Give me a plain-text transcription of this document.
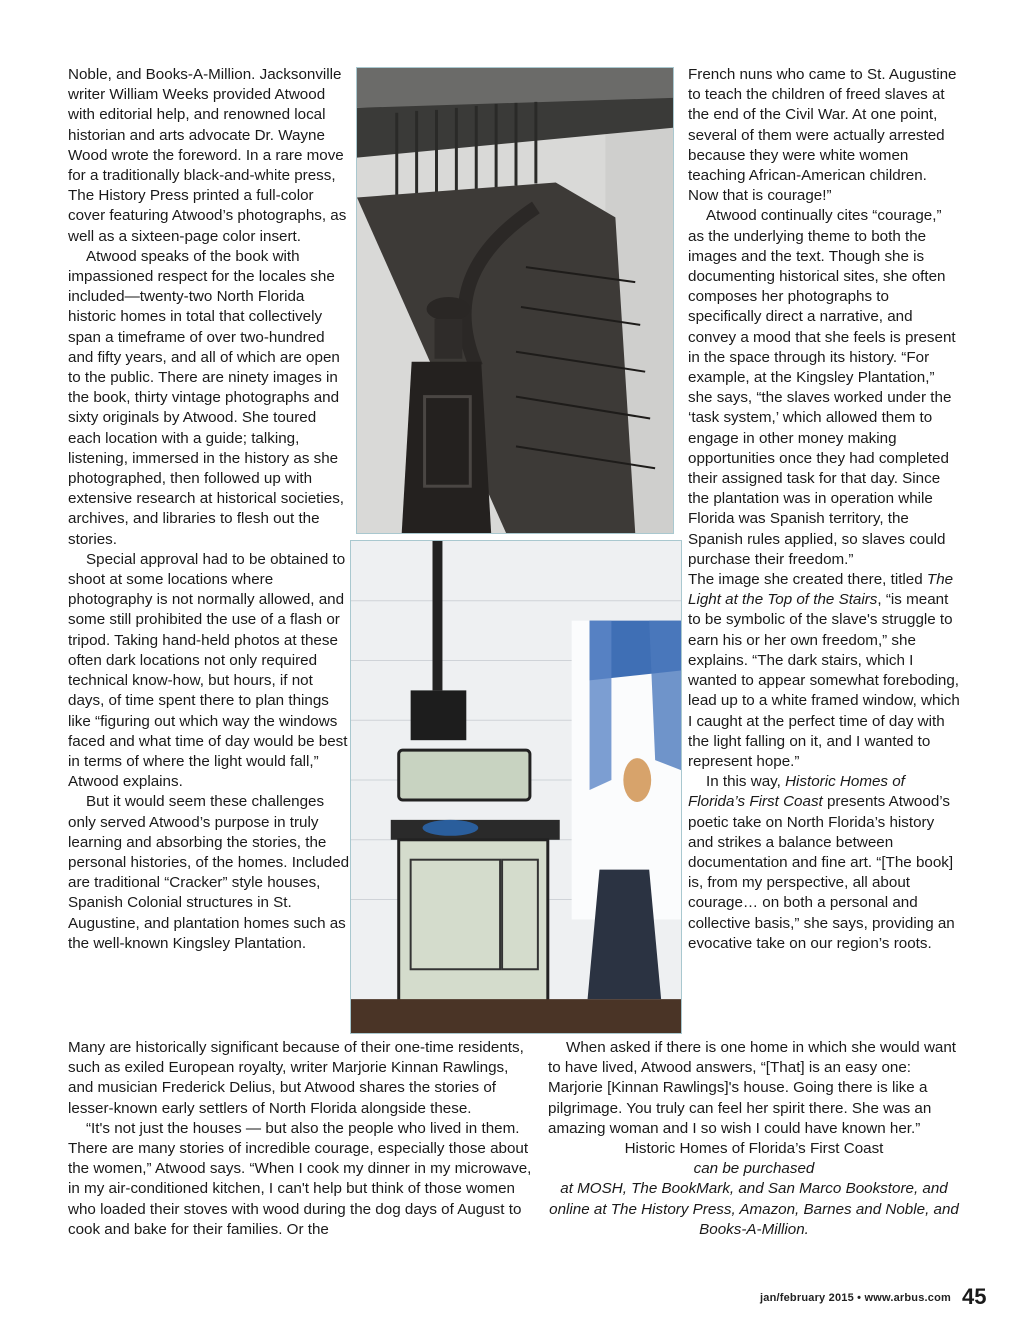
Noble, and Books-A-Million. Jacksonville writer William Weeks provided Atwood with editorial help, and renowned local historian and arts advocate Dr. Wayne Wood wrote the foreword. In a rare move for a traditionally black-and-white press, The History Press printed a full-color cover featuring Atwood’s photographs, as well as a sixteen-page color insert.

Atwood speaks of the book with impassioned respect for the locales she included—twenty-two North Florida historic homes in total that collectively span a timeframe of over two-hundred and fifty years, and all of which are open to the public. There are ninety images in the book, thirty vintage photographs and sixty originals by Atwood. She toured each location with a guide; talking, listening, immersed in the history as she photographed, then followed up with extensive research at historical societies, archives, and libraries to flesh out the stories.

Special approval had to be obtained to shoot at some locations where photography is not normally allowed, and some still prohibited the use of a flash or tripod. Taking hand-held photos at these often dark locations not only required technical know-how, but hours, if not days, of time spent there to plan things like “figuring out which way the windows faced and what time of day would be best in terms of where the light would fall,” Atwood explains.

But it would seem these challenges only served Atwood’s purpose in truly learning and absorbing the stories, the personal histories, of the homes. Included are traditional “Cracker” style houses, Spanish Colonial structures in St. Augustine, and plantation homes such as the well-known Kingsley Plantation.

French nuns who came to St. Augustine to teach the children of freed slaves at the end of the Civil War. At one point, several of them were actually arrested because they were white women teaching African-American children. Now that is courage!”

Atwood continually cites “courage,” as the underlying theme to both the images and the text. Though she is documenting historical sites, she often composes her photographs to specifically direct a narrative, and convey a mood that she feels is present in the space through its history. “For example, at the Kingsley Plantation,” she says, “the slaves worked under the ‘task system,’ which allowed them to engage in other money making opportunities once they had completed their assigned task for that day. Since the plantation was in operation while Florida was Spanish territory, the Spanish rules applied, so slaves could purchase their freedom.”

The image she created there, titled The Light at the Top of the Stairs, “is meant to be symbolic of the slave's struggle to earn his or her own freedom,” she explains. “The dark stairs, which I wanted to appear somewhat foreboding, lead up to a white framed window, which I caught at the perfect time of day with the light falling on it, and I wanted to represent hope.”

In this way, Historic Homes of Florida’s First Coast presents Atwood’s poetic take on North Florida’s history and strikes a balance between documentation and fine art. “[The book] is, from my perspective, all about courage… on both a personal and collective basis,” she says, providing an evocative take on our region’s roots.

Many are historically significant because of their one-time residents, such as exiled European royalty, writer Marjorie Kinnan Rawlings, and musician Frederick Delius, but Atwood shares the stories of lesser-known early settlers of North Florida alongside these.

“It's not just the houses — but also the people who lived in them. There are many stories of incredible courage, especially those about the women,” Atwood says. “When I cook my dinner in my microwave, in my air-conditioned kitchen, I can't help but think of those women who loaded their stoves with wood during the dog days of August to cook and bake for their families. Or the

When asked if there is one home in which she would want to have lived, Atwood answers, “[That] is an easy one: Marjorie [Kinnan Rawlings]'s house. Going there is like a pilgrimage. You truly can feel her spirit there. She was an amazing woman and I so wish I could have known her.”

Historic Homes of Florida’s First Coast

can be purchased

at MOSH, The BookMark, and San Marco Bookstore, and online at The History Press, Amazon, Barnes and Noble, and Books-A-Million.

jan/february 2015 • www.arbus.com 45
